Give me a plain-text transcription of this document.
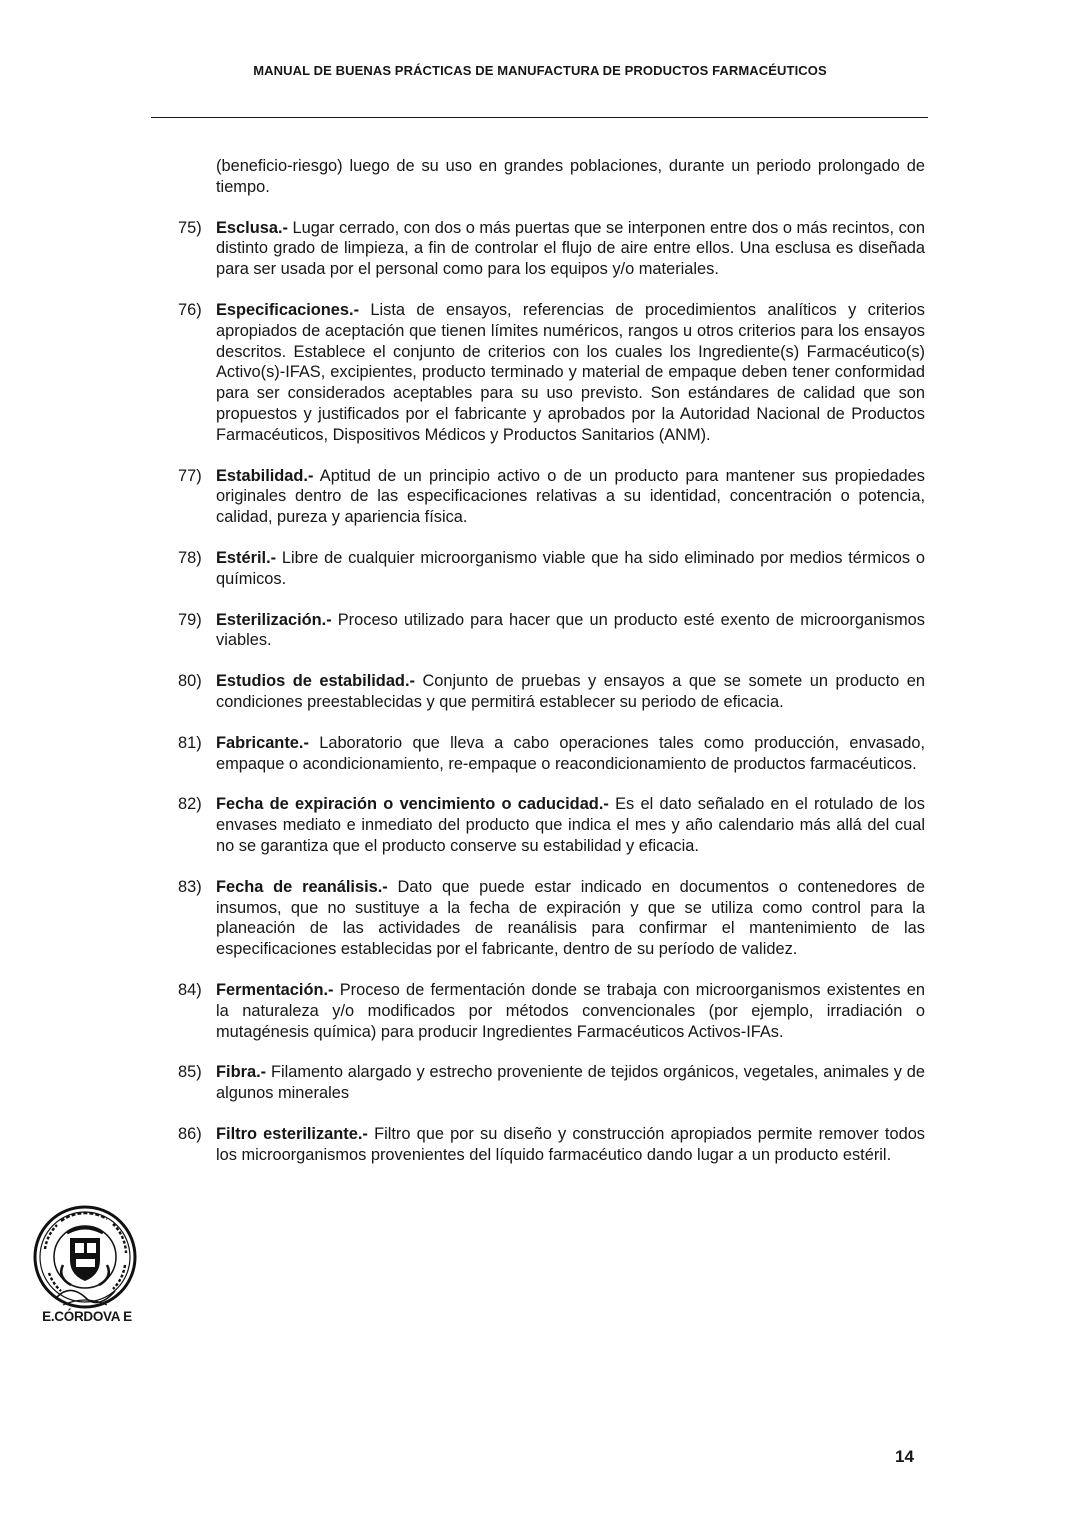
MANUAL DE BUENAS PRÁCTICAS DE MANUFACTURA DE PRODUCTOS FARMACÉUTICOS

(beneficio-riesgo) luego de su uso en grandes poblaciones, durante un periodo prolongado de tiempo.

75) Esclusa.- Lugar cerrado, con dos o más puertas que se interponen entre dos o más recintos, con distinto grado de limpieza, a fin de controlar el flujo de aire entre ellos. Una esclusa es diseñada para ser usada por el personal como para los equipos y/o materiales.
76) Especificaciones.- Lista de ensayos, referencias de procedimientos analíticos y criterios apropiados de aceptación que tienen límites numéricos, rangos u otros criterios para los ensayos descritos. Establece el conjunto de criterios con los cuales los Ingrediente(s) Farmacéutico(s) Activo(s)-IFAS, excipientes, producto terminado y material de empaque deben tener conformidad para ser considerados aceptables para su uso previsto. Son estándares de calidad que son propuestos y justificados por el fabricante y aprobados por la Autoridad Nacional de Productos Farmacéuticos, Dispositivos Médicos y Productos Sanitarios (ANM).
77) Estabilidad.- Aptitud de un principio activo o de un producto para mantener sus propiedades originales dentro de las especificaciones relativas a su identidad, concentración o potencia, calidad, pureza y apariencia física.
78) Estéril.- Libre de cualquier microorganismo viable que ha sido eliminado por medios térmicos o químicos.
79) Esterilización.- Proceso utilizado para hacer que un producto esté exento de microorganismos viables.
80) Estudios de estabilidad.- Conjunto de pruebas y ensayos a que se somete un producto en condiciones preestablecidas y que permitirá establecer su periodo de eficacia.
81) Fabricante.- Laboratorio que lleva a cabo operaciones tales como producción, envasado, empaque o acondicionamiento, re-empaque o reacondicionamiento de productos farmacéuticos.
82) Fecha de expiración o vencimiento o caducidad.- Es el dato señalado en el rotulado de los envases mediato e inmediato del producto que indica el mes y año calendario más allá del cual no se garantiza que el producto conserve su estabilidad y eficacia.
83) Fecha de reanálisis.- Dato que puede estar indicado en documentos o contenedores de insumos, que no sustituye a la fecha de expiración y que se utiliza como control para la planeación de las actividades de reanálisis para confirmar el mantenimiento de las especificaciones establecidas por el fabricante, dentro de su período de validez.
84) Fermentación.- Proceso de fermentación donde se trabaja con microorganismos existentes en la naturaleza y/o modificados por métodos convencionales (por ejemplo, irradiación o mutagénesis química) para producir Ingredientes Farmacéuticos Activos-IFAs.
85) Fibra.- Filamento alargado y estrecho proveniente de tejidos orgánicos, vegetales, animales y de algunos minerales
86) Filtro esterilizante.- Filtro que por su diseño y construcción apropiados permite remover todos los microorganismos provenientes del líquido farmacéutico dando lugar a un producto estéril.
E.CÓRDOVA E
14
